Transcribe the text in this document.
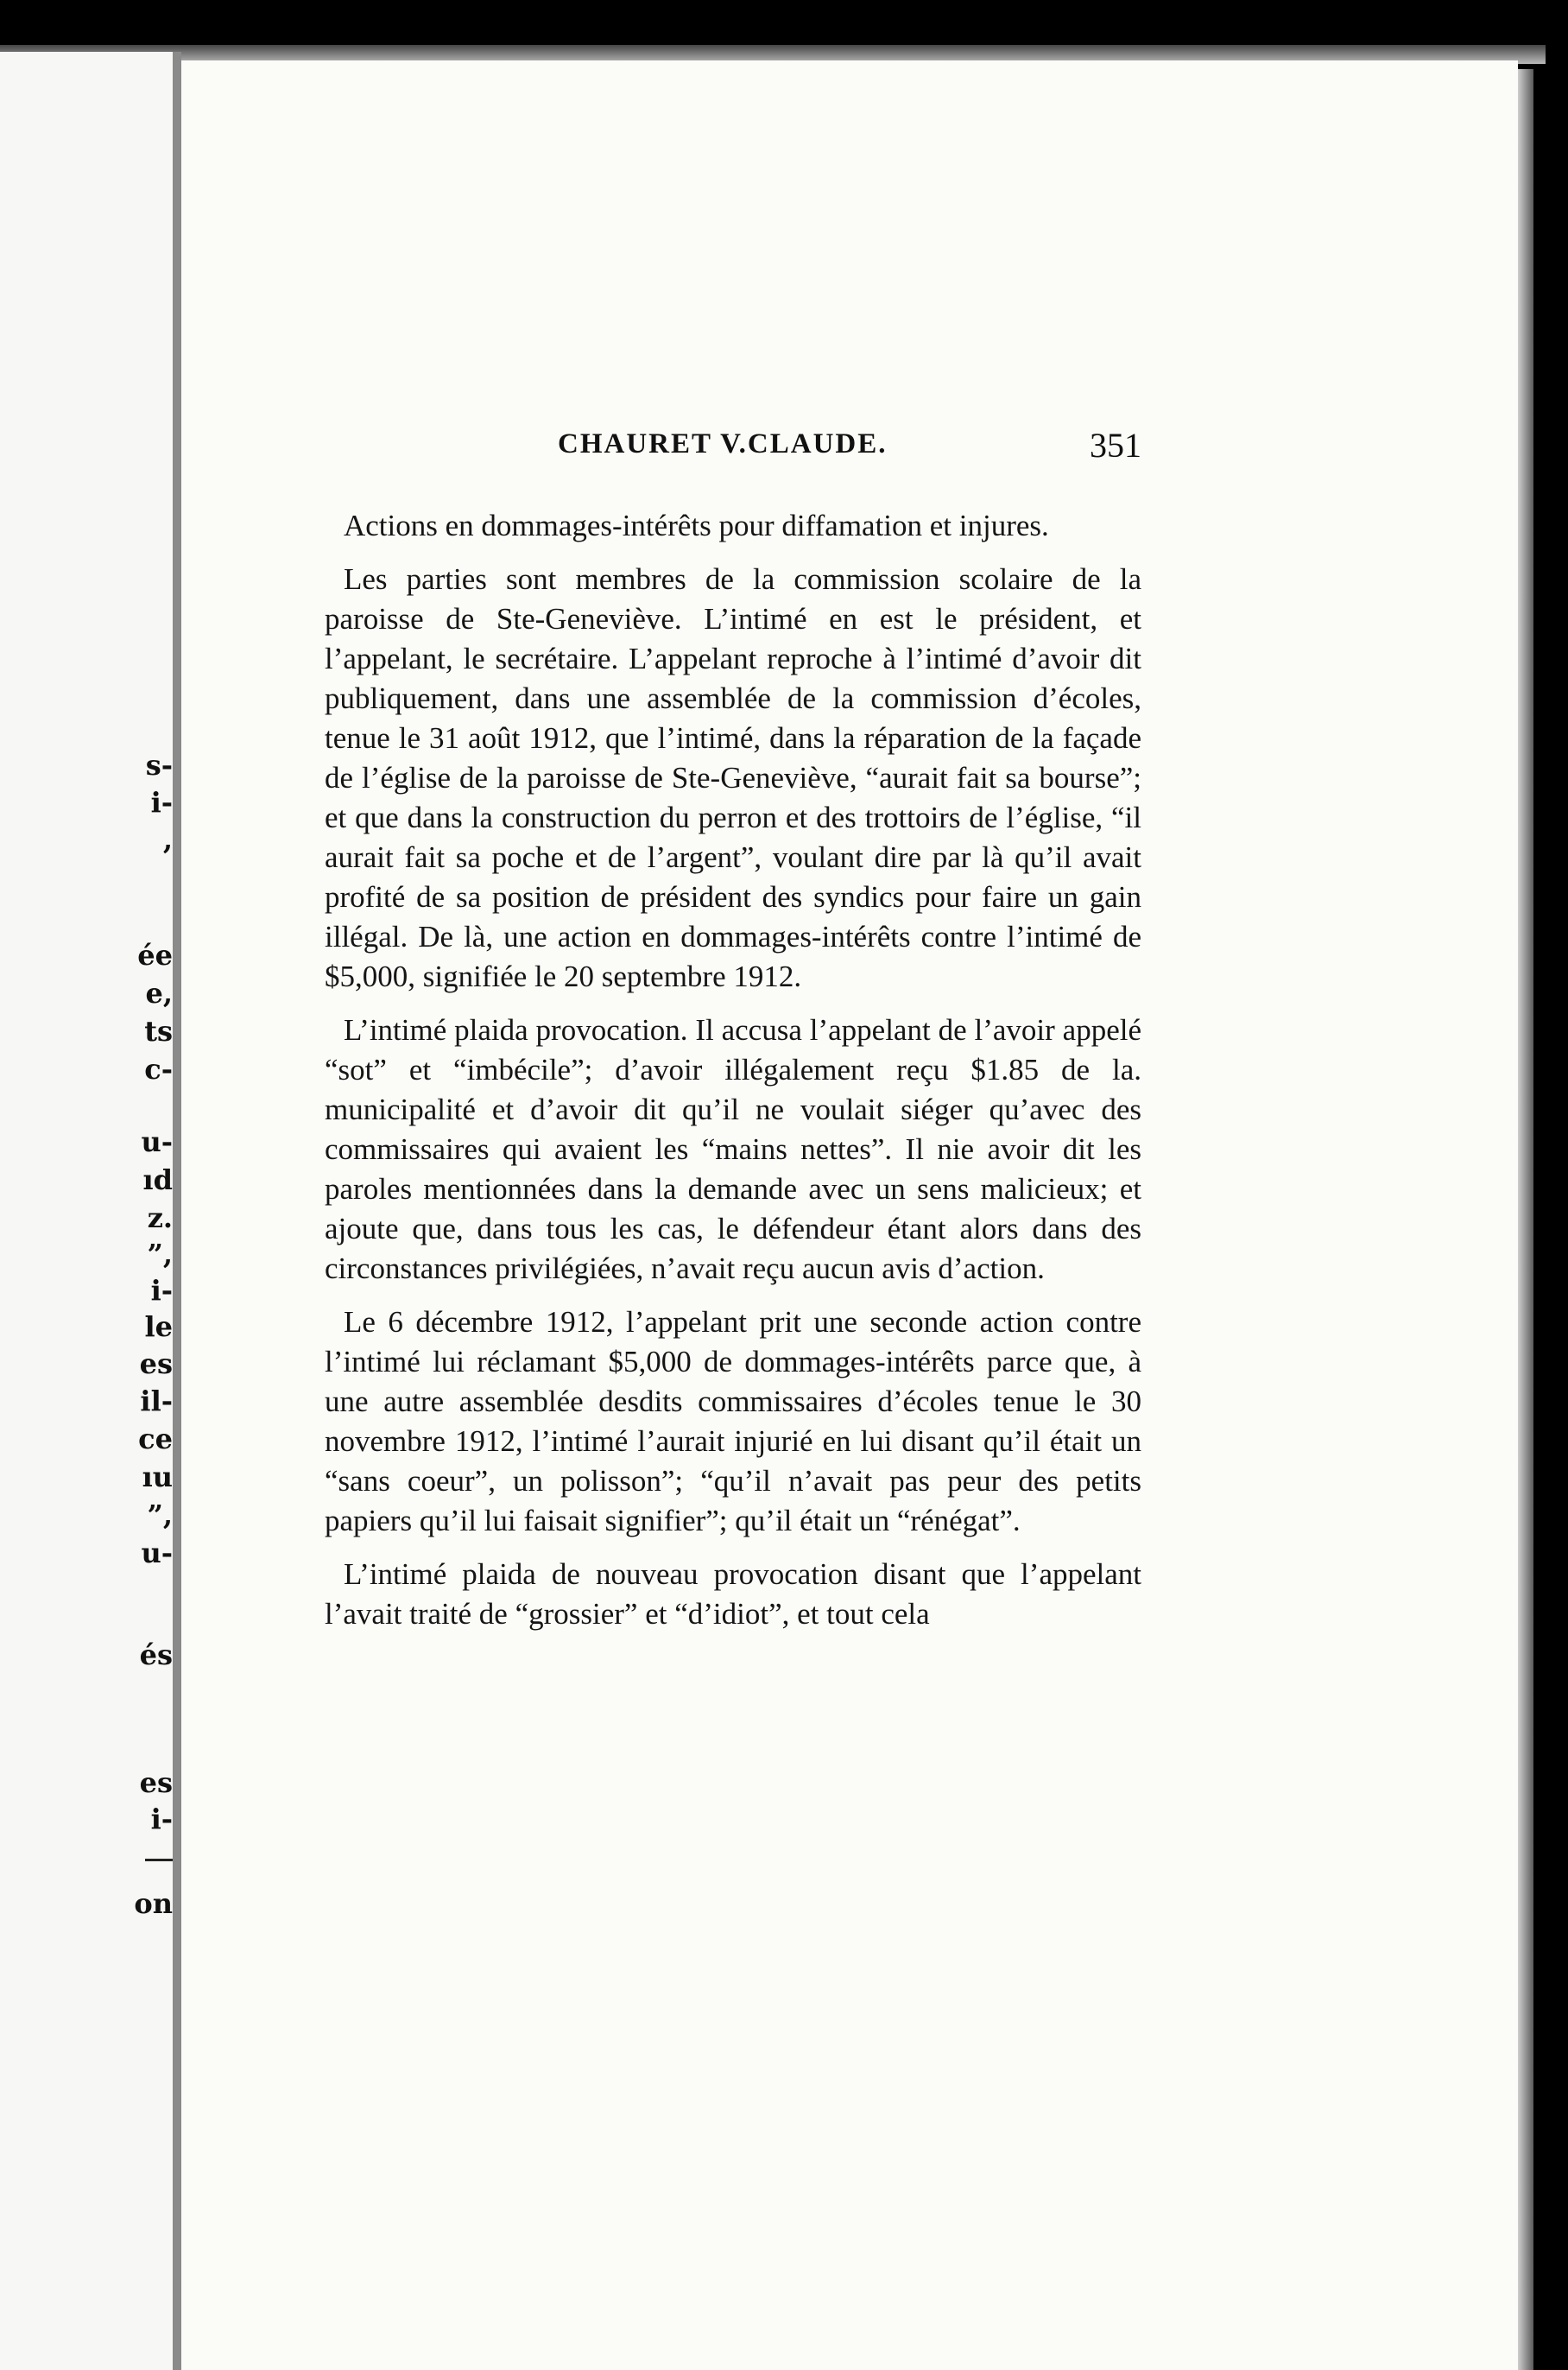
s-
i-
,
ée
e,
ts
c-
u-
ıd
z.
”,
i-
le
es
il-
ce
ıu
”,
u-
és
es
i-
on
CHAURET V.CLAUDE.	351

Actions en dommages-intérêts pour diffamation et injures.

Les parties sont membres de la commission scolaire de la paroisse de Ste-Geneviève. L’intimé en est le président, et l’appelant, le secrétaire. L’appelant reproche à l’intimé d’avoir dit publiquement, dans une assemblée de la commission d’écoles, tenue le 31 août 1912, que l’intimé, dans la réparation de la façade de l’église de la paroisse de Ste-Geneviève, “aurait fait sa bourse”; et que dans la construction du perron et des trottoirs de l’église, “il aurait fait sa poche et de l’argent”, voulant dire par là qu’il avait profité de sa position de président des syndics pour faire un gain illégal. De là, une action en dommages-intérêts contre l’intimé de $5,000, signifiée le 20 septembre 1912.

L’intimé plaida provocation. Il accusa l’appelant de l’avoir appelé “sot” et “imbécile”; d’avoir illégalement reçu $1.85 de la. municipalité et d’avoir dit qu’il ne voulait siéger qu’avec des commissaires qui avaient les “mains nettes”. Il nie avoir dit les paroles mentionnées dans la demande avec un sens malicieux; et ajoute que, dans tous les cas, le défendeur étant alors dans des circonstances privilégiées, n’avait reçu aucun avis d’action.

Le 6 décembre 1912, l’appelant prit une seconde action contre l’intimé lui réclamant $5,000 de dommages-intérêts parce que, à une autre assemblée desdits commissaires d’écoles tenue le 30 novembre 1912, l’intimé l’aurait injurié en lui disant qu’il était un “sans coeur”, un polisson”; “qu’il n’avait pas peur des petits papiers qu’il lui faisait signifier”; qu’il était un “rénégat”.

L’intimé plaida de nouveau provocation disant que l’appelant l’avait traité de “grossier” et “d’idiot”, et tout cela
